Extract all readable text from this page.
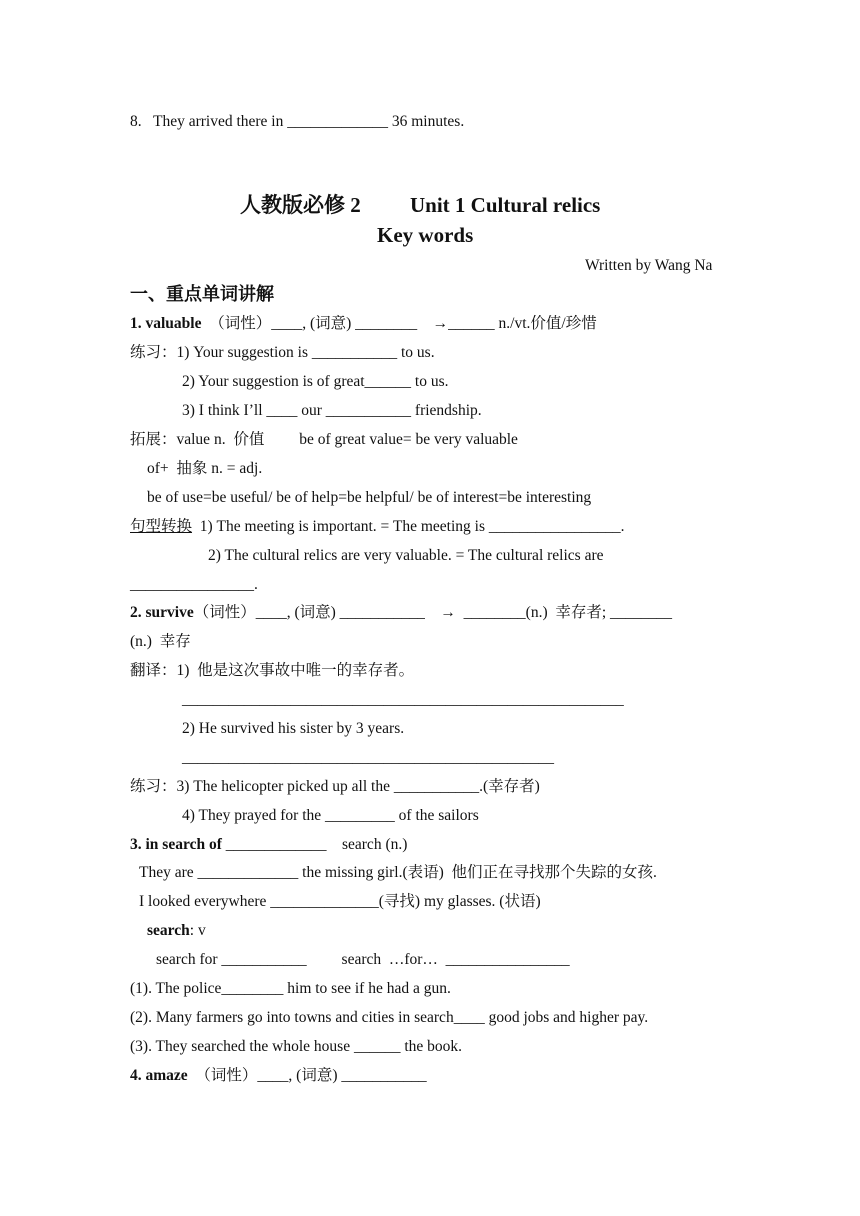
8.   They arrived there in _____________ 36 minutes.
人教版必修 2 Unit 1 Cultural relics
Key words
Written by Wang Na
一、重点单词讲解
1. valuable （词性）____, (词意) ________    →______ n./vt.价值/珍惜
练习：1) Your suggestion is ___________ to us.
2) Your suggestion is of great______ to us.
3) I think I’ll ____ our ___________ friendship.
拓展：value n.  价值         be of great value= be very valuable
of+  抽象 n. = adj.
be of use=be useful/ be of help=be helpful/ be of interest=be interesting
句型转换  1) The meeting is important. = The meeting is _________________.
2) The cultural relics are very valuable. = The cultural relics are
________________.
2. survive（词性）____, (词意) ___________    →  ________(n.)  幸存者; ________
(n.)  幸存
翻译：1)  他是这次事故中唯一的幸存者。
_________________________________________________________
2) He survived his sister by 3 years.
________________________________________________
练习：3) The helicopter picked up all the ___________.(幸存者)
4) They prayed for the _________ of the sailors
3. in search of _____________    search (n.)
They are _____________ the missing girl.(表语)  他们正在寻找那个失踪的女孩.
I looked everywhere ______________(寻找) my glasses. (状语)
search: v
search for ___________         search  …for…  ________________
(1). The police________ him to see if he had a gun.
(2). Many farmers go into towns and cities in search____ good jobs and higher pay.
(3). They searched the whole house ______ the book.
4. amaze （词性）____, (词意) ___________
